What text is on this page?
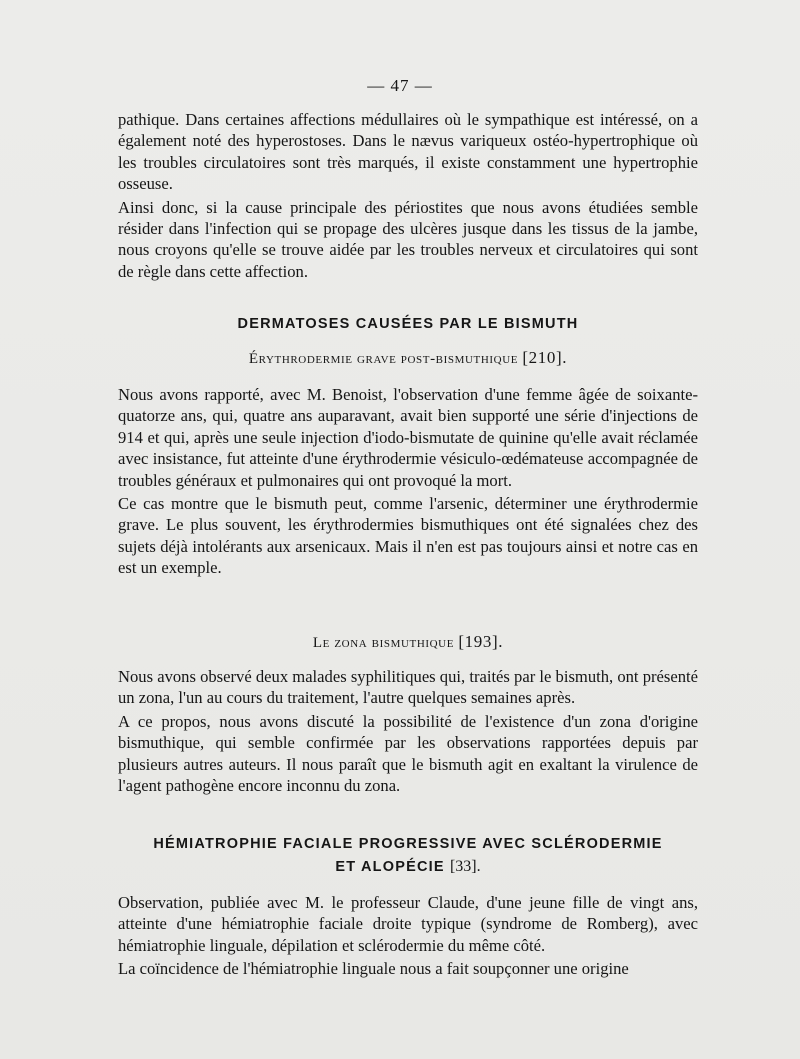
— 47 —

pathique. Dans certaines affections médullaires où le sympathique est intéressé, on a également noté des hyperostoses. Dans le nævus variqueux ostéo-hypertrophique où les troubles circulatoires sont très marqués, il existe constamment une hypertrophie osseuse.

Ainsi donc, si la cause principale des périostites que nous avons étudiées semble résider dans l'infection qui se propage des ulcères jusque dans les tissus de la jambe, nous croyons qu'elle se trouve aidée par les troubles nerveux et circulatoires qui sont de règle dans cette affection.

DERMATOSES CAUSÉES PAR LE BISMUTH
Érythrodermie grave post-bismuthique [210].

Nous avons rapporté, avec M. Benoist, l'observation d'une femme âgée de soixante-quatorze ans, qui, quatre ans auparavant, avait bien supporté une série d'injections de 914 et qui, après une seule injection d'iodo-bismutate de quinine qu'elle avait réclamée avec insistance, fut atteinte d'une érythrodermie vésiculo-œdémateuse accompagnée de troubles généraux et pulmonaires qui ont provoqué la mort.

Ce cas montre que le bismuth peut, comme l'arsenic, déterminer une érythrodermie grave. Le plus souvent, les érythrodermies bismuthiques ont été signalées chez des sujets déjà intolérants aux arsenicaux. Mais il n'en est pas toujours ainsi et notre cas en est un exemple.

Le zona bismuthique [193].

Nous avons observé deux malades syphilitiques qui, traités par le bismuth, ont présenté un zona, l'un au cours du traitement, l'autre quelques semaines après.

A ce propos, nous avons discuté la possibilité de l'existence d'un zona d'origine bismuthique, qui semble confirmée par les observations rapportées depuis par plusieurs autres auteurs. Il nous paraît que le bismuth agit en exaltant la virulence de l'agent pathogène encore inconnu du zona.

HÉMIATROPHIE FACIALE PROGRESSIVE AVEC SCLÉRODERMIE
ET ALOPÉCIE [33].

Observation, publiée avec M. le professeur Claude, d'une jeune fille de vingt ans, atteinte d'une hémiatrophie faciale droite typique (syndrome de Romberg), avec hémiatrophie linguale, dépilation et sclérodermie du même côté.

La coïncidence de l'hémiatrophie linguale nous a fait soupçonner une origine
